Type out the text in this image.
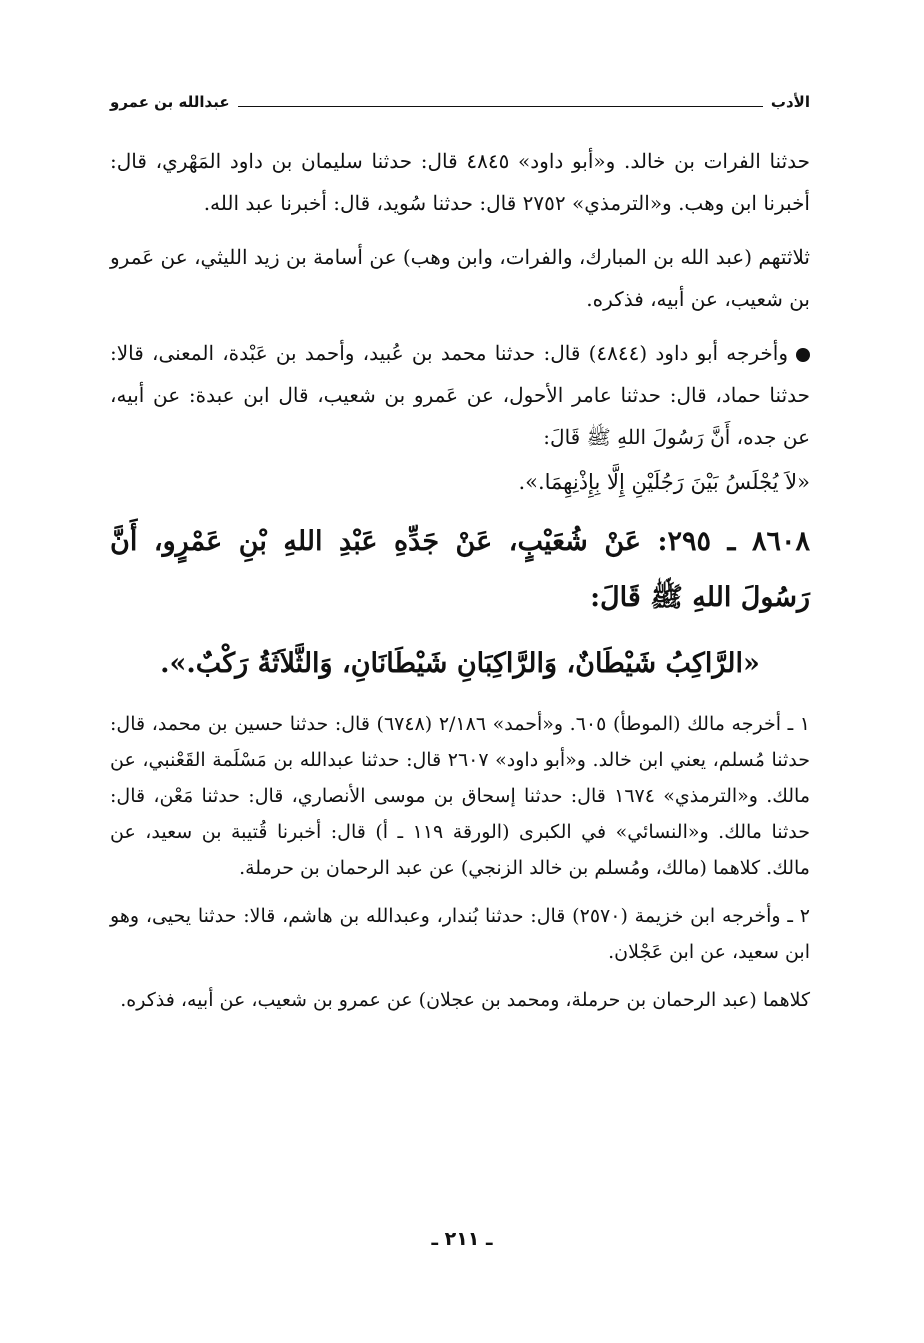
الأدب
عبدالله بن عمرو

حدثنا الفرات بن خالد. و«أبو داود» ٤٨٤٥ قال: حدثنا سليمان بن داود المَهْري، قال: أخبرنا ابن وهب. و«الترمذي» ٢٧٥٢ قال: حدثنا سُويد، قال: أخبرنا عبد الله.

ثلاثتهم (عبد الله بن المبارك، والفرات، وابن وهب) عن أسامة بن زيد الليثي، عن عَمرو بن شعيب، عن أبيه، فذكره.

وأخرجه أبو داود (٤٨٤٤) قال: حدثنا محمد بن عُبيد، وأحمد بن عَبْدة، المعنى، قالا: حدثنا حماد، قال: حدثنا عامر الأحول، عن عَمرو بن شعيب، قال ابن عبدة: عن أبيه، عن جده، أَنَّ رَسُولَ اللهِ ﷺ قَالَ:

«لاَ يُجْلَسُ بَيْنَ رَجُلَيْنِ إِلَّا بِإِذْنِهِمَا.».

٨٦٠٨ ـ ٢٩٥: عَنْ شُعَيْبٍ، عَنْ جَدِّهِ عَبْدِ اللهِ بْنِ عَمْرٍو، أَنَّ رَسُولَ اللهِ ﷺ قَالَ:

«الرَّاكِبُ شَيْطَانٌ، وَالرَّاكِبَانِ شَيْطَانَانِ، وَالثَّلاَثَةُ رَكْبٌ.».

١ ـ أخرجه مالك (الموطأ) ٦٠٥. و«أحمد» ٢/١٨٦ (٦٧٤٨) قال: حدثنا حسين بن محمد، قال: حدثنا مُسلم، يعني ابن خالد. و«أبو داود» ٢٦٠٧ قال: حدثنا عبدالله بن مَسْلَمة القَعْنبي، عن مالك. و«الترمذي» ١٦٧٤ قال: حدثنا إسحاق بن موسى الأنصاري، قال: حدثنا مَعْن، قال: حدثنا مالك. و«النسائي» في الكبرى (الورقة ١١٩ ـ أ) قال: أخبرنا قُتيبة بن سعيد، عن مالك. كلاهما (مالك، ومُسلم بن خالد الزنجي) عن عبد الرحمان بن حرملة.

٢ ـ وأخرجه ابن خزيمة (٢٥٧٠) قال: حدثنا بُندار، وعبدالله بن هاشم، قالا: حدثنا يحيى، وهو ابن سعيد، عن ابن عَجْلان.

كلاهما (عبد الرحمان بن حرملة، ومحمد بن عجلان) عن عمرو بن شعيب، عن أبيه، فذكره.

ـ ٢١١ ـ
